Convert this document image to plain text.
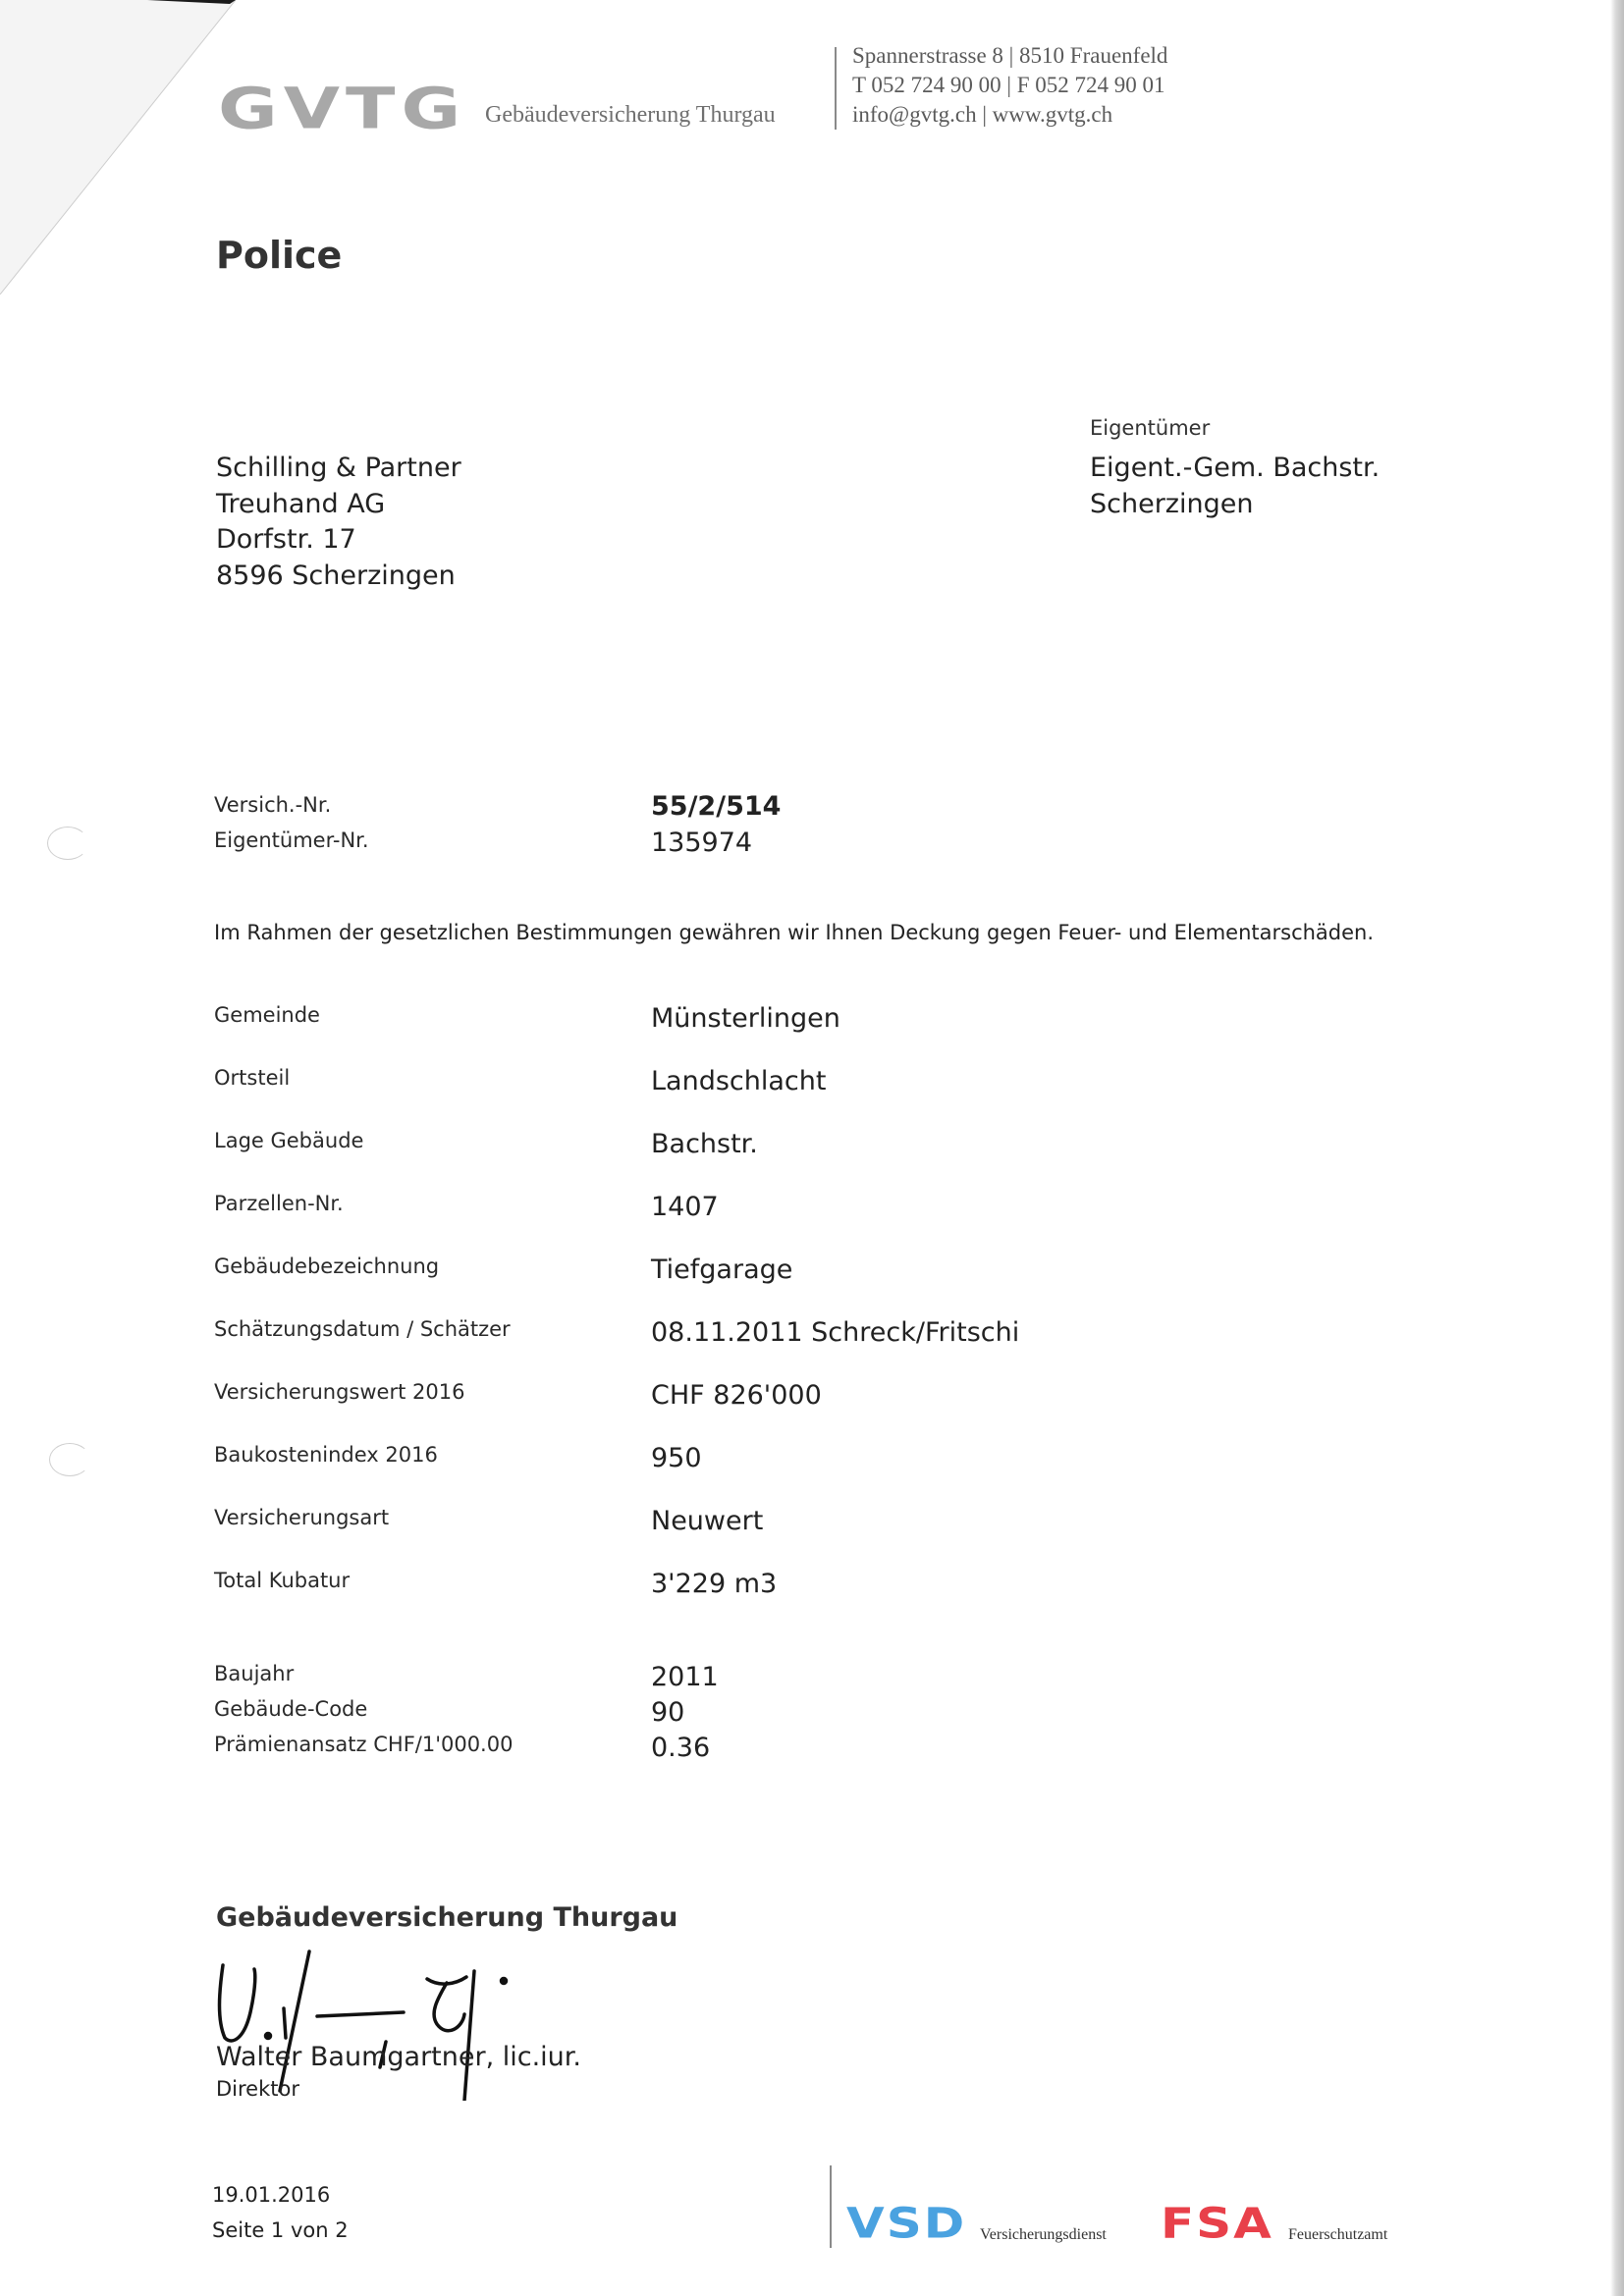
GVTG Gebäudeversicherung Thurgau
Spannerstrasse 8 | 8510 Frauenfeld
T 052 724 90 00 | F 052 724 90 01
info@gvtg.ch | www.gvtg.ch
Police
Schilling & Partner
Treuhand AG
Dorfstr. 17
8596 Scherzingen
Eigentümer
Eigent.-Gem. Bachstr.
Scherzingen
Versich.-Nr.	55/2/514
Eigentümer-Nr.	135974
Im Rahmen der gesetzlichen Bestimmungen gewähren wir Ihnen Deckung gegen Feuer- und Elementarschäden.
Gemeinde	Münsterlingen
Ortsteil	Landschlacht
Lage Gebäude	Bachstr.
Parzellen-Nr.	1407
Gebäudebezeichnung	Tiefgarage
Schätzungsdatum / Schätzer	08.11.2011 Schreck/Fritschi
Versicherungswert 2016	CHF 826'000
Baukostenindex 2016	950
Versicherungsart	Neuwert
Total Kubatur	3'229 m3
Baujahr	2011
Gebäude-Code	90
Prämienansatz CHF/1'000.00	0.36
Gebäudeversicherung Thurgau
Walter Baumgartner, lic.iur.
Direktor
19.01.2016
Seite 1 von 2	VSD Versicherungsdienst FSA Feuerschutzamt
